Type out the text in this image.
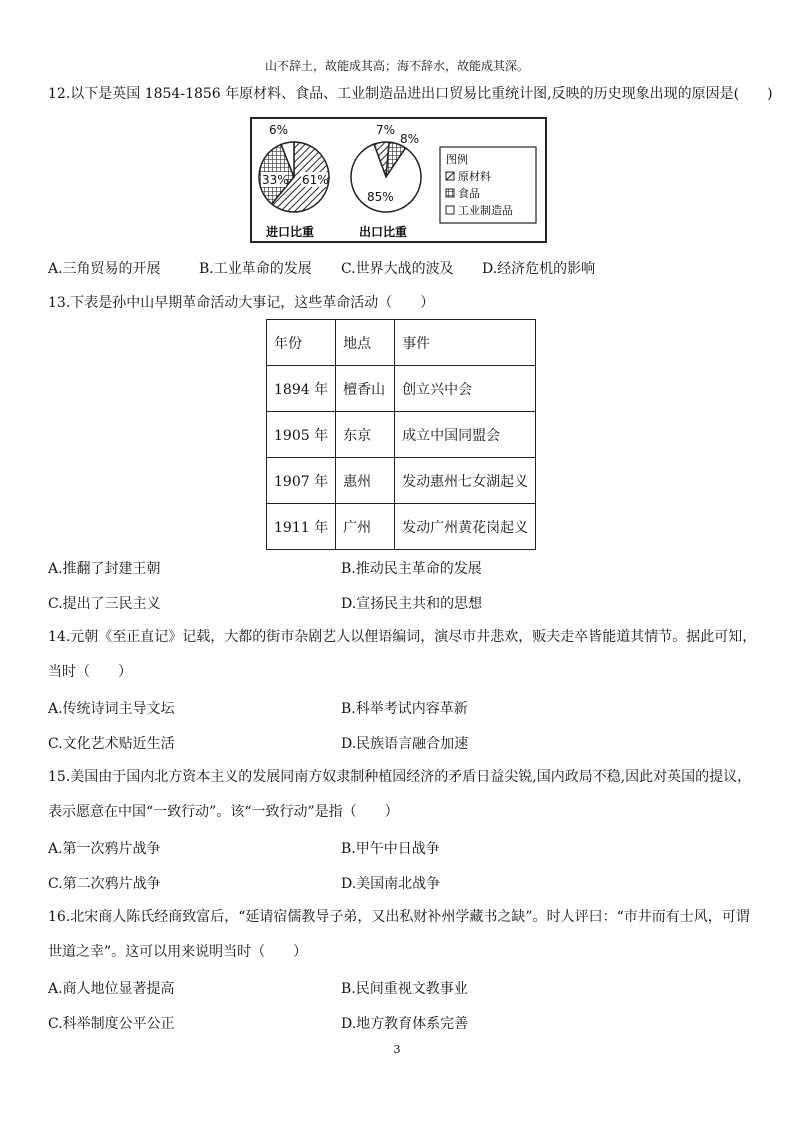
山不辞土，故能成其高；海不辞水，故能成其深。
12.以下是英国 1854-1856 年原材料、食品、工业制造品进出口贸易比重统计图,反映的历史现象出现的原因是(　　)
6%
33% 61%
7%
8%
85%
进口比重	出口比重
图例
原材料
食品
工业制造品
A.三角贸易的开展	B.工业革命的发展 C.世界大战的波及 D.经济危机的影响
13.下表是孙中山早期革命活动大事记，这些革命活动（　　）
年份	地点	事件
1894 年	檀香山	创立兴中会
1905 年	东京	成立中国同盟会
1907 年	惠州	发动惠州七女湖起义
1911 年	广州	发动广州黄花岗起义
A.推翻了封建王朝	B.推动民主革命的发展
C.提出了三民主义	D.宣扬民主共和的思想
14.元朝《至正直记》记载，大都的街市杂剧艺人以俚语编词，演尽市井悲欢，贩夫走卒皆能道其情节。据此可知，
当时（　　）
A.传统诗词主导文坛	B.科举考试内容革新
C.文化艺术贴近生活	D.民族语言融合加速
15.美国由于国内北方资本主义的发展同南方奴隶制种植园经济的矛盾日益尖锐,国内政局不稳,因此对英国的提议，
表示愿意在中国“一致行动”。该“一致行动”是指（　　）
A.第一次鸦片战争	B.甲午中日战争
C.第二次鸦片战争	D.美国南北战争
16.北宋商人陈氏经商致富后，“延请宿儒教导子弟，又出私财补州学藏书之缺”。时人评曰：“市井而有士风，可谓
世道之幸”。这可以用来说明当时（　　）
A.商人地位显著提高	B.民间重视文教事业
C.科举制度公平公正	D.地方教育体系完善
3
